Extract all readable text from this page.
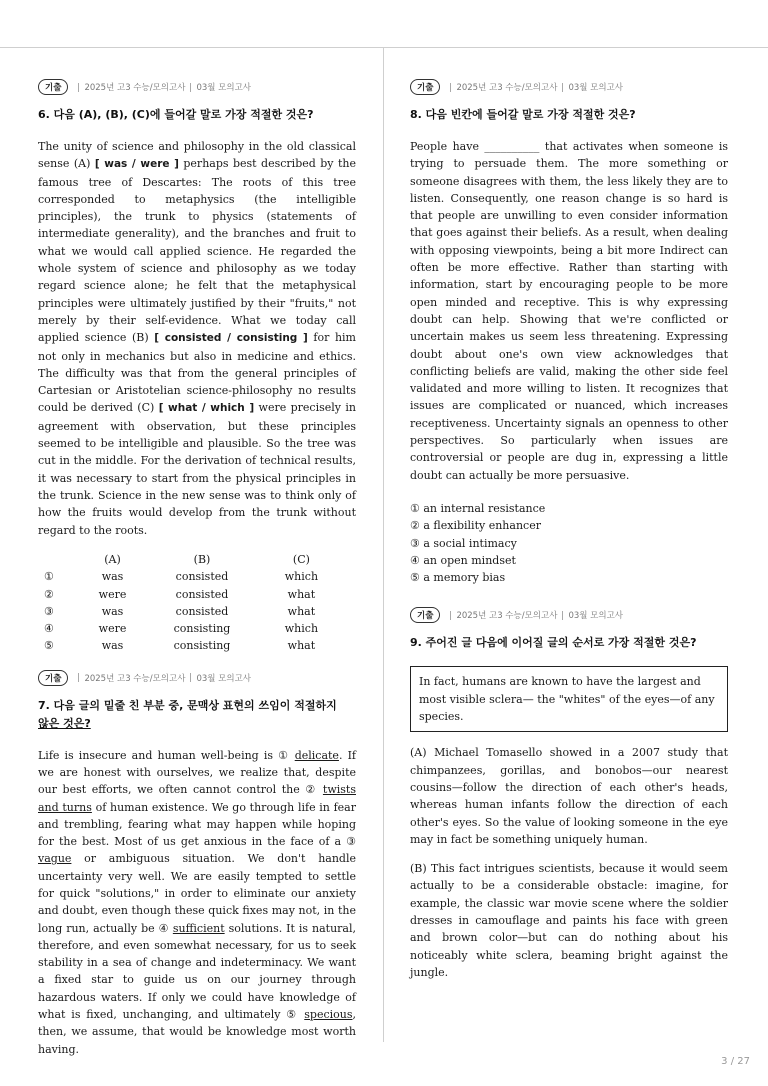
기출	2025년 고3 수능/모의고사 03월 모의고사
6. 다음 (A), (B), (C)에 들어갈 말로 가장 적절한 것은?

The unity of science and philosophy in the old classical sense (A) [ was / were ] perhaps best described by the famous tree of Descartes: The roots of this tree corresponded to metaphysics (the intelligible principles), the trunk to physics (statements of intermediate generality), and the branches and fruit to what we would call applied science. He regarded the whole system of science and philosophy as we today regard science alone; he felt that the metaphysical principles were ultimately justified by their "fruits," not merely by their self-evidence. What we today call applied science (B) [ consisted / consisting ] for him not only in mechanics but also in medicine and ethics. The difficulty was that from the general principles of Cartesian or Aristotelian science-philosophy no results could be derived (C) [ what / which ] were precisely in agreement with observation, but these principles seemed to be intelligible and plausible. So the tree was cut in the middle. For the derivation of technical results, it was necessary to start from the physical principles in the trunk. Science in the new sense was to think only of how the fruits would develop from the trunk without regard to the roots.

	(A)	(B)	(C)
①	was	consisted	which
②	were	consisted	what
③	was	consisted	what
④	were	consisting	which
⑤	was	consisting	what
기출	2025년 고3 수능/모의고사 03월 모의고사
7. 다음 글의 밑줄 친 부분 중, 문맥상 표현의 쓰임이 적절하지
않은 것은?

Life is insecure and human well-being is ① delicate. If we are honest with ourselves, we realize that, despite our best efforts, we often cannot control the ② twists and turns of human existence. We go through life in fear and trembling, fearing what may happen while hoping for the best. Most of us get anxious in the face of a ③ vague or ambiguous situation. We don't handle uncertainty very well. We are easily tempted to settle for quick "solutions," in order to eliminate our anxiety and doubt, even though these quick fixes may not, in the long run, actually be ④ sufficient solutions. It is natural, therefore, and even somewhat necessary, for us to seek stability in a sea of change and indeterminacy. We want a fixed star to guide us on our journey through hazardous waters. If only we could have knowledge of what is fixed, unchanging, and ultimately ⑤ specious, then, we assume, that would be knowledge most worth having.

기출	2025년 고3 수능/모의고사 03월 모의고사
8. 다음 빈칸에 들어갈 말로 가장 적절한 것은?

People have __________ that activates when someone is trying to persuade them. The more something or someone disagrees with them, the less likely they are to listen. Consequently, one reason change is so hard is that people are unwilling to even consider information that goes against their beliefs. As a result, when dealing with opposing viewpoints, being a bit more Indirect can often be more effective. Rather than starting with information, start by encouraging people to be more open minded and receptive. This is why expressing doubt can help. Showing that we're conflicted or uncertain makes us seem less threatening. Expressing doubt about one's own view acknowledges that conflicting beliefs are valid, making the other side feel validated and more willing to listen. It recognizes that issues are complicated or nuanced, which increases receptiveness. Uncertainty signals an openness to other perspectives. So particularly when issues are controversial or people are dug in, expressing a little doubt can actually be more persuasive.

① an internal resistance
② a flexibility enhancer
③ a social intimacy
④ an open mindset
⑤ a memory bias
기출	2025년 고3 수능/모의고사 03월 모의고사
9. 주어진 글 다음에 이어질 글의 순서로 가장 적절한 것은?
In fact, humans are known to have the largest and most visible sclera— the "whites" of the eyes—of any species.

(A) Michael Tomasello showed in a 2007 study that chimpanzees, gorillas, and bonobos—our nearest cousins—follow the direction of each other's heads, whereas human infants follow the direction of each other's eyes. So the value of looking someone in the eye may in fact be something uniquely human.

(B) This fact intrigues scientists, because it would seem actually to be a considerable obstacle: imagine, for example, the classic war movie scene where the soldier dresses in camouflage and paints his face with green and brown color—but can do nothing about his noticeably white sclera, beaming bright against the jungle.

3 / 27
